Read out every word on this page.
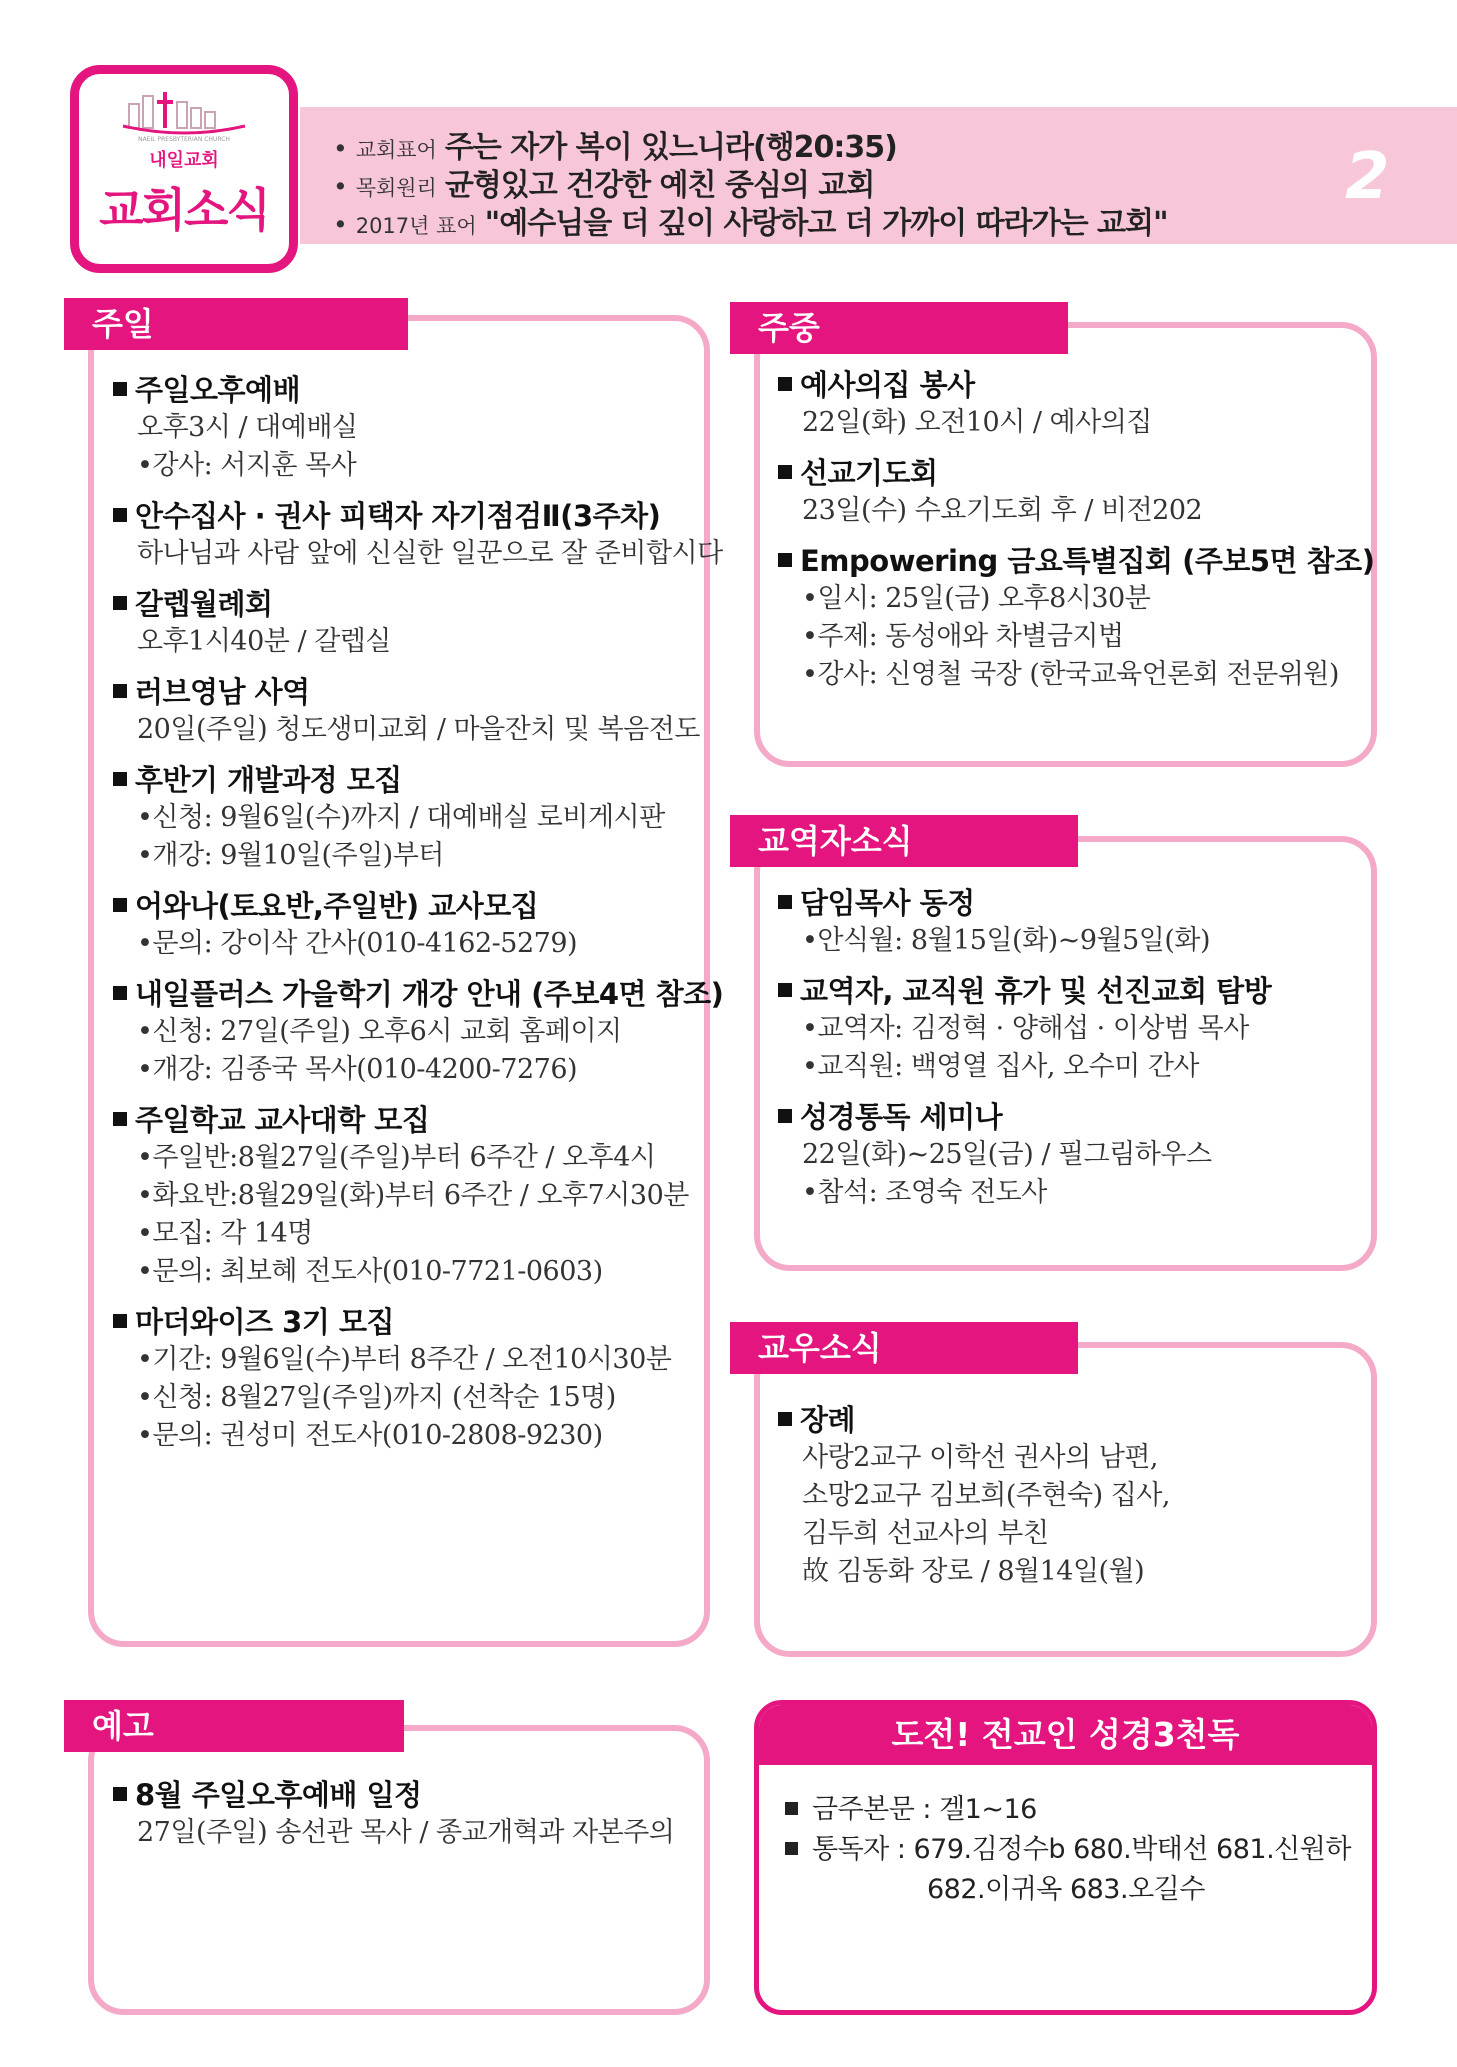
NAEIL PRESBYTERIAN CHURCH
내일교회
교회소식
• 교회표어 주는 자가 복이 있느니라(행20:35)
• 목회원리 균형있고 건강한 예친 중심의 교회
• 2017년 표어 "예수님을 더 깊이 사랑하고 더 가까이 따라가는 교회"
2
주일
주일오후예배
오후3시 / 대예배실
•강사: 서지훈 목사
안수집사 · 권사 피택자 자기점검Ⅱ(3주차)
하나님과 사람 앞에 신실한 일꾼으로 잘 준비합시다
갈렙월례회
오후1시40분 / 갈렙실
러브영남 사역
20일(주일) 청도생미교회 / 마을잔치 및 복음전도
후반기 개발과정 모집
•신청: 9월6일(수)까지 / 대예배실 로비게시판
•개강: 9월10일(주일)부터
어와나(토요반,주일반) 교사모집
•문의: 강이삭 간사(010-4162-5279)
내일플러스 가을학기 개강 안내 (주보4면 참조)
•신청: 27일(주일) 오후6시 교회 홈페이지
•개강: 김종국 목사(010-4200-7276)
주일학교 교사대학 모집
•주일반:8월27일(주일)부터 6주간 / 오후4시
•화요반:8월29일(화)부터 6주간 / 오후7시30분
•모집: 각 14명
•문의: 최보혜 전도사(010-7721-0603)
마더와이즈 3기 모집
•기간: 9월6일(수)부터 8주간 / 오전10시30분
•신청: 8월27일(주일)까지 (선착순 15명)
•문의: 권성미 전도사(010-2808-9230)
주중
예사의집 봉사
22일(화) 오전10시 / 예사의집
선교기도회
23일(수) 수요기도회 후 / 비전202
Empowering 금요특별집회 (주보5면 참조)
•일시: 25일(금) 오후8시30분
•주제: 동성애와 차별금지법
•강사: 신영철 국장 (한국교육언론회 전문위원)
교역자소식
담임목사 동정
•안식월: 8월15일(화)~9월5일(화)
교역자, 교직원 휴가 및 선진교회 탐방
•교역자: 김정혁 · 양해섭 · 이상범 목사
•교직원: 백영열 집사, 오수미 간사
성경통독 세미나
22일(화)~25일(금) / 필그림하우스
•참석: 조영숙 전도사
교우소식
장례
사랑2교구 이학선 권사의 남편,
소망2교구 김보희(주현숙) 집사,
김두희 선교사의 부친
故 김동화 장로 / 8월14일(월)
예고
8월 주일오후예배 일정
27일(주일) 송선관 목사 / 종교개혁과 자본주의
도전! 전교인 성경3천독
금주본문 : 겔1~16
통독자 : 679.김정수b 680.박태선 681.신원하
682.이귀옥 683.오길수
